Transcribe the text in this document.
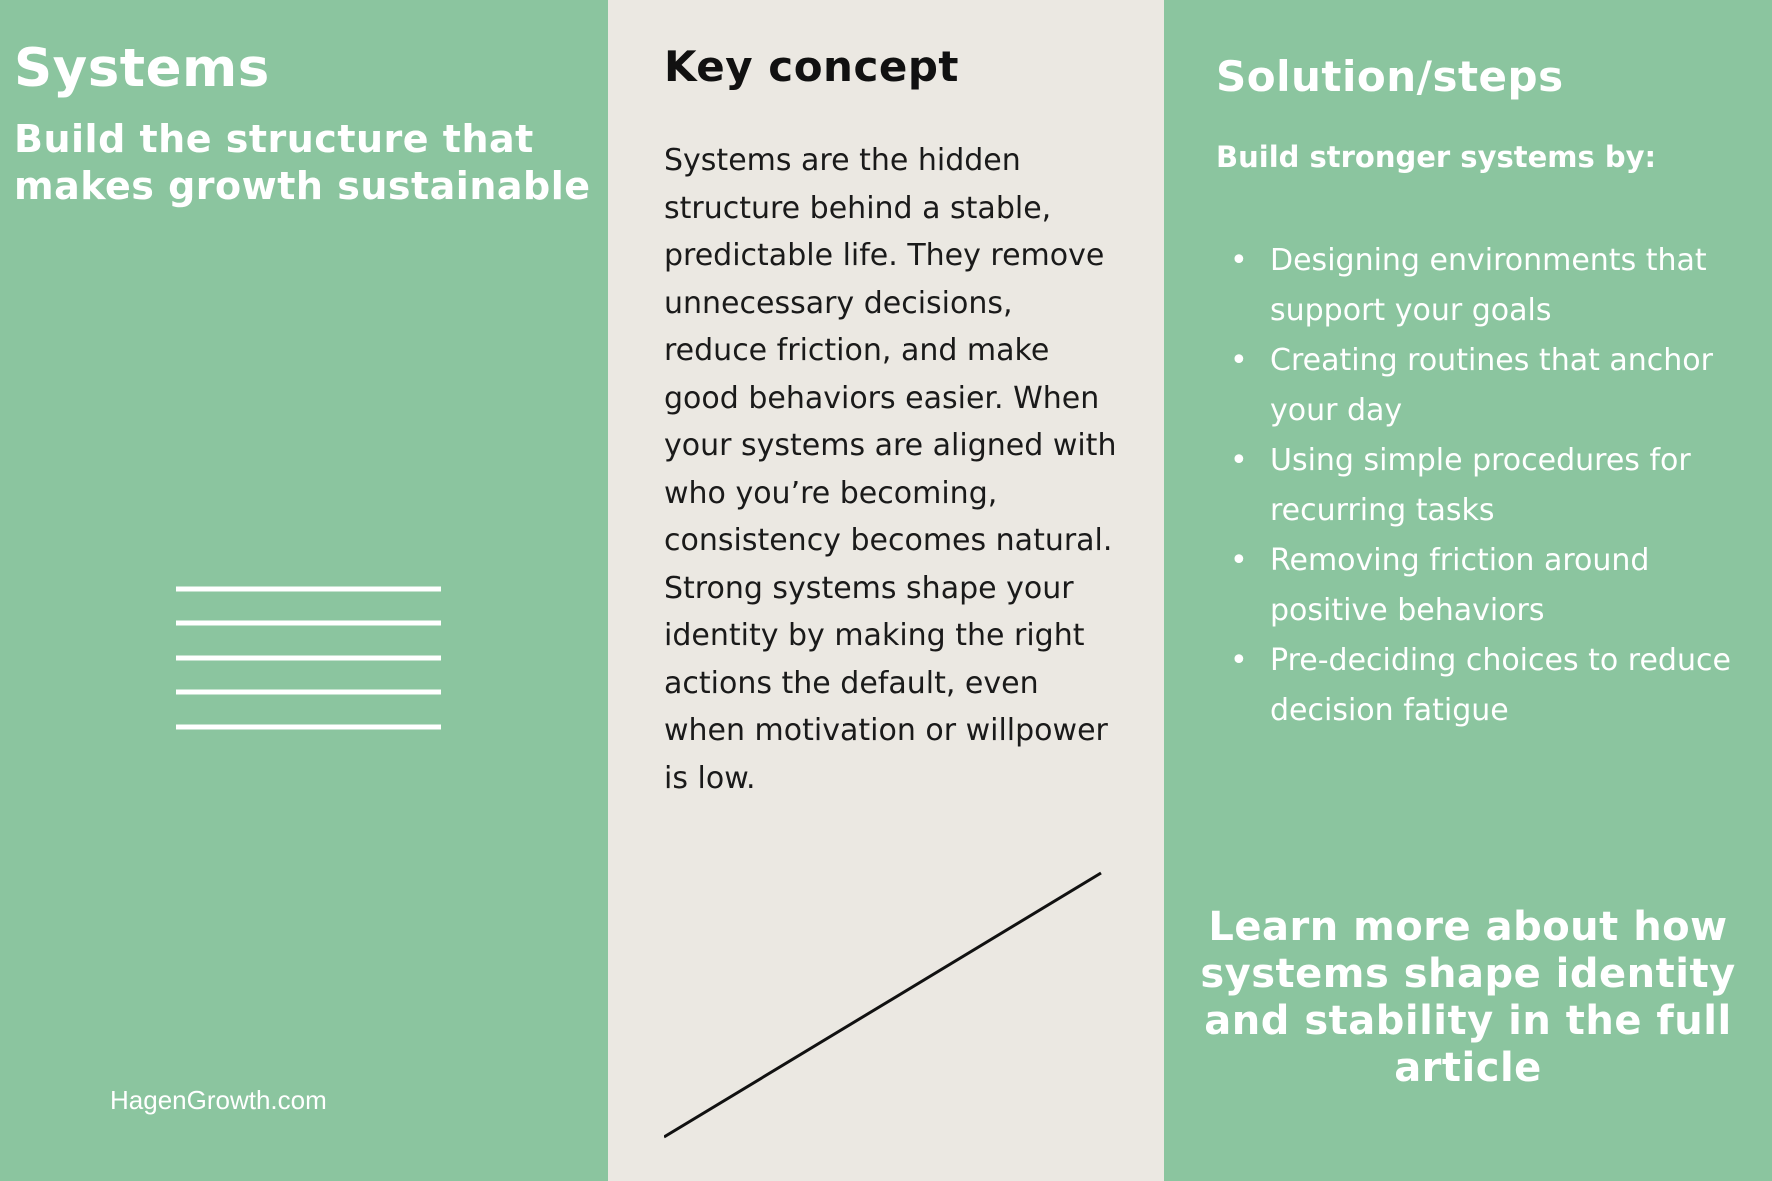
Systems
Build the structure that makes growth sustainable
HagenGrowth.com
Key concept

Systems are the hidden structure behind a stable, predictable life. They remove unnecessary decisions, reduce friction, and make good behaviors easier. When your systems are aligned with who you’re becoming, consistency becomes natural. Strong systems shape your identity by making the right actions the default, even when motivation or willpower is low.

Solution/steps

Build stronger systems by:

• Designing environments that support your goals
• Creating routines that anchor your day
• Using simple procedures for recurring tasks
• Removing friction around positive behaviors
• Pre-deciding choices to reduce decision fatigue
Learn more about how systems shape identity and stability in the full article
